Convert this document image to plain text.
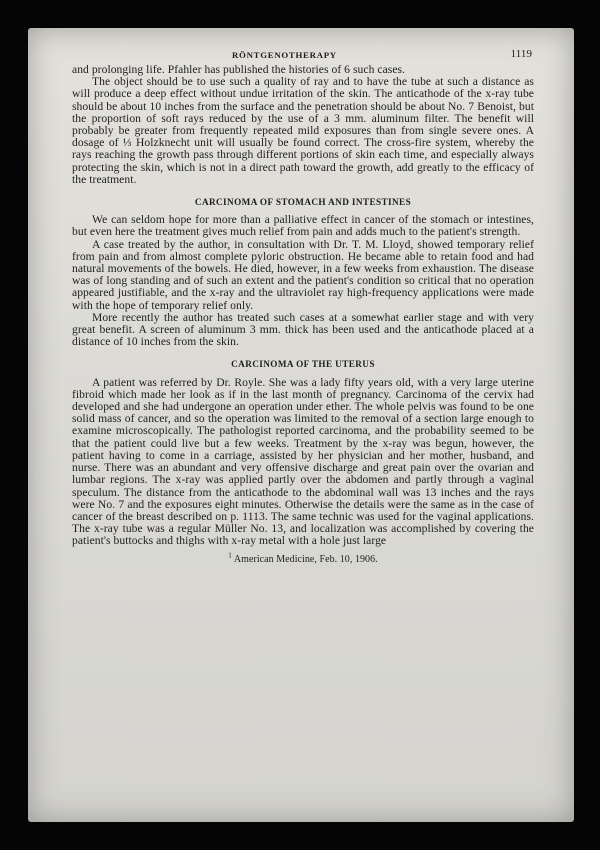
RÖNTGENOTHERAPY	1119

and prolonging life. Pfahler has published the histories of 6 such cases.

The object should be to use such a quality of ray and to have the tube at such a distance as will produce a deep effect without undue irritation of the skin. The anticathode of the x-ray tube should be about 10 inches from the surface and the penetration should be about No. 7 Benoist, but the proportion of soft rays reduced by the use of a 3 mm. aluminum filter. The benefit will probably be greater from frequently repeated mild exposures than from single severe ones. A dosage of ⅓ Holzknecht unit will usually be found correct. The cross-fire system, whereby the rays reaching the growth pass through different portions of skin each time, and especially always protecting the skin, which is not in a direct path toward the growth, add greatly to the efficacy of the treatment.

CARCINOMA OF STOMACH AND INTESTINES

We can seldom hope for more than a palliative effect in cancer of the stomach or intestines, but even here the treatment gives much relief from pain and adds much to the patient's strength.

A case treated by the author, in consultation with Dr. T. M. Lloyd, showed temporary relief from pain and from almost complete pyloric obstruction. He became able to retain food and had natural movements of the bowels. He died, however, in a few weeks from exhaustion. The disease was of long standing and of such an extent and the patient's condition so critical that no operation appeared justifiable, and the x-ray and the ultraviolet ray high-frequency applications were made with the hope of temporary relief only.

More recently the author has treated such cases at a somewhat earlier stage and with very great benefit. A screen of aluminum 3 mm. thick has been used and the anticathode placed at a distance of 10 inches from the skin.

CARCINOMA OF THE UTERUS

A patient was referred by Dr. Royle. She was a lady fifty years old, with a very large uterine fibroid which made her look as if in the last month of pregnancy. Carcinoma of the cervix had developed and she had undergone an operation under ether. The whole pelvis was found to be one solid mass of cancer, and so the operation was limited to the removal of a section large enough to examine microscopically. The pathologist reported carcinoma, and the probability seemed to be that the patient could live but a few weeks. Treatment by the x-ray was begun, however, the patient having to come in a carriage, assisted by her physician and her mother, husband, and nurse. There was an abundant and very offensive discharge and great pain over the ovarian and lumbar regions. The x-ray was applied partly over the abdomen and partly through a vaginal speculum. The distance from the anticathode to the abdominal wall was 13 inches and the rays were No. 7 and the exposures eight minutes. Otherwise the details were the same as in the case of cancer of the breast described on p. 1113. The same technic was used for the vaginal applications. The x-ray tube was a regular Müller No. 13, and localization was accomplished by covering the patient's buttocks and thighs with x-ray metal with a hole just large

$^1$ American Medicine, Feb. 10, 1906.
